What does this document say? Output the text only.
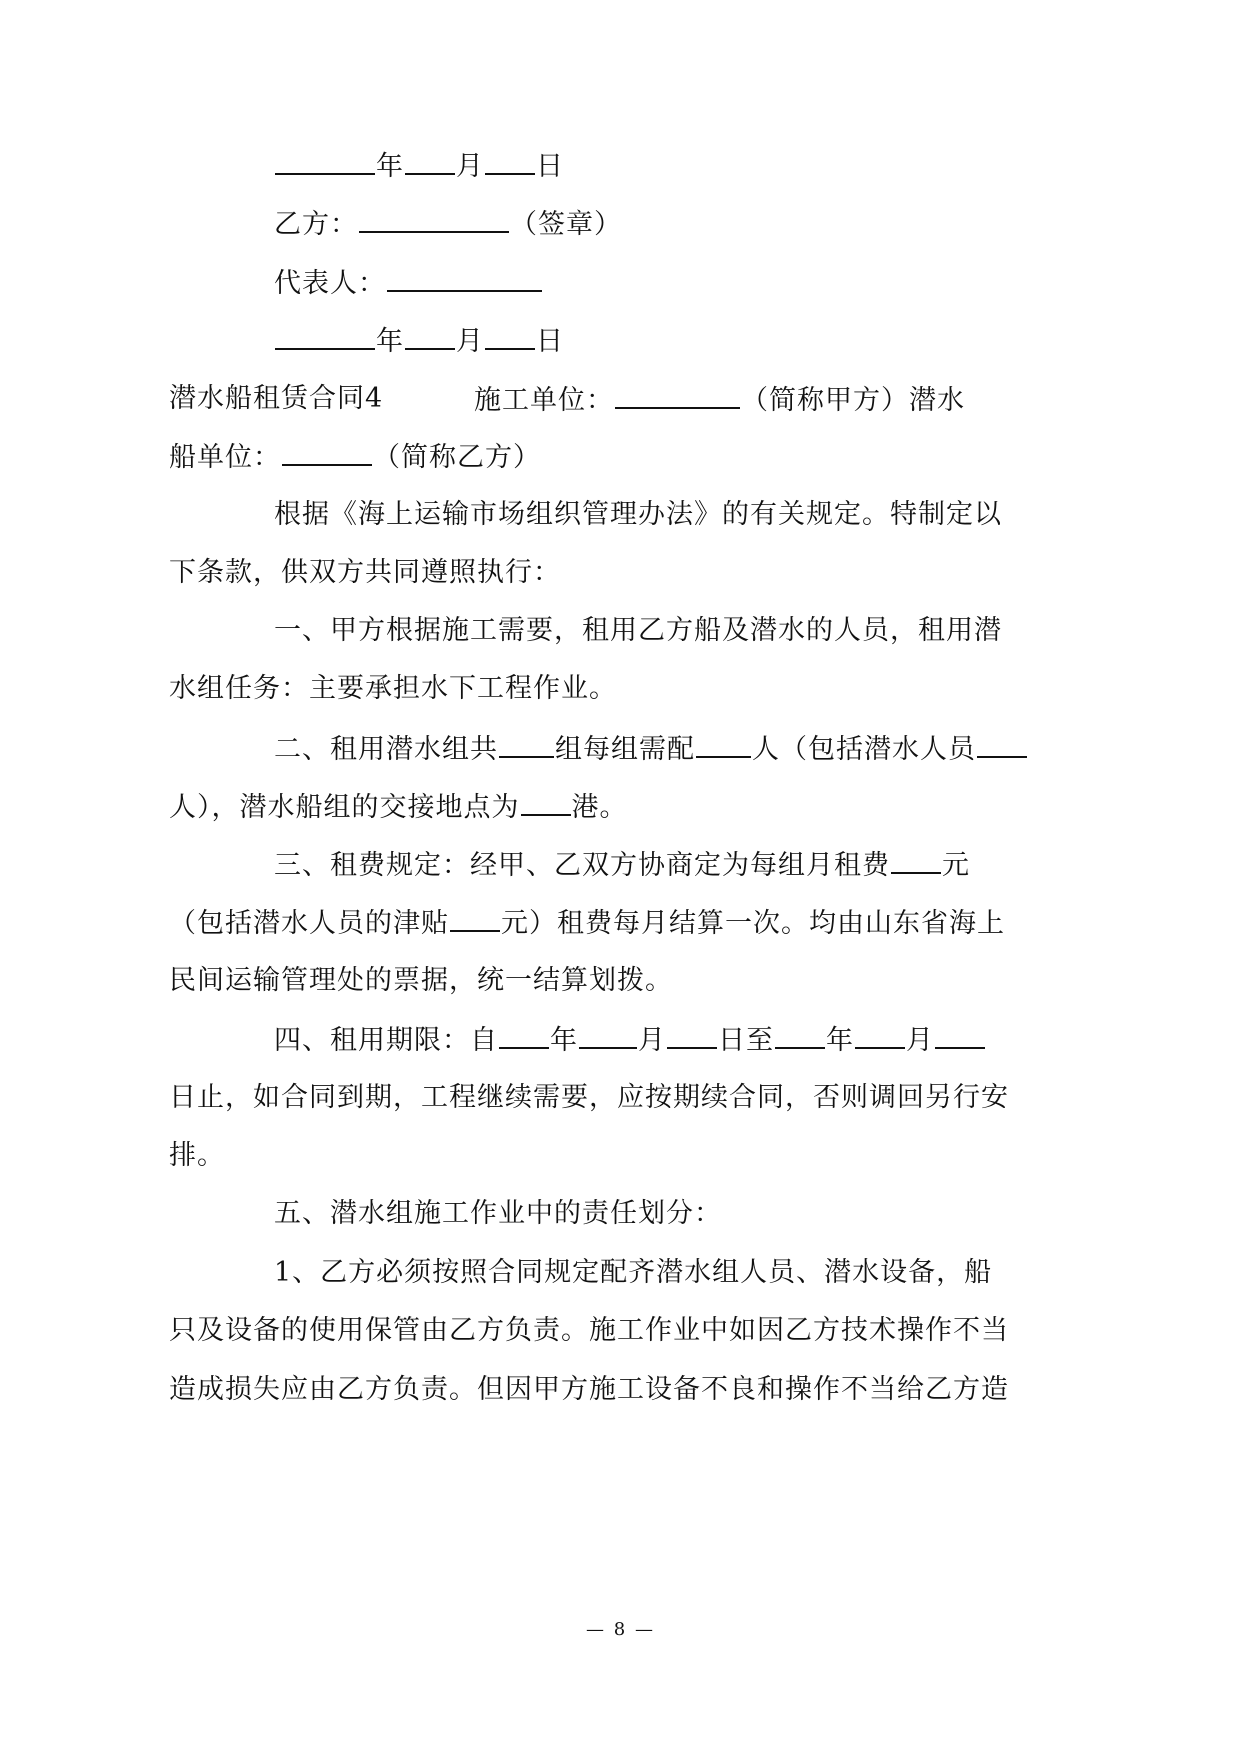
年 月 日
乙方：	（签章）
代表人：
年 月 日
潜水船租赁合同4	施工单位：	（简称甲方）潜水
船单位：	（简称乙方）
根据《海上运输市场组织管理办法》的有关规定。特制定以
下条款，供双方共同遵照执行：
一、甲方根据施工需要，租用乙方船及潜水的人员，租用潜
水组任务：主要承担水下工程作业。
二、租用潜水组共 组每组需配 人（包括潜水人员
人），潜水船组的交接地点为 港。
三、租费规定：经甲、乙双方协商定为每组月租费 元
（包括潜水人员的津贴 元）租费每月结算一次。均由山东省海上
民间运输管理处的票据，统一结算划拨。
四、租用期限：自 年 月 日至 年 月
日止，如合同到期，工程继续需要，应按期续合同，否则调回另行安
排。
五、潜水组施工作业中的责任划分：
1、乙方必须按照合同规定配齐潜水组人员、潜水设备，船
只及设备的使用保管由乙方负责。施工作业中如因乙方技术操作不当
造成损失应由乙方负责。但因甲方施工设备不良和操作不当给乙方造
— 8 —
